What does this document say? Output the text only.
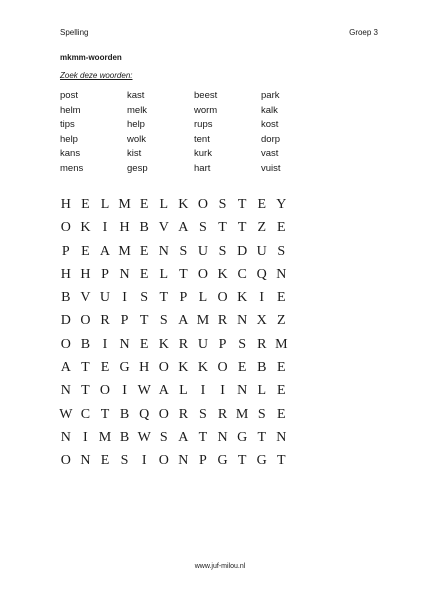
Spelling	Groep 3
mkmm-woorden
Zoek deze woorden:
post	kast	beest	park
helm	melk	worm	kalk
tips	help	rups	kost
help	wolk	tent	dorp
kans	kist	kurk	vast
mens	gesp	hart	vuist
H E L M E L K O S T E Y
O K I H B V A S T T Z E
P E A M E N S U S D U S
H H P N E L T O K C Q N
B V U I S T P L O K I E
D O R P T S A M R N X Z
O B I N E K R U P S R M
A T E G H O K K O E B E
N T O I W A L I	I N L E
W C T B Q O R S R M S E
N I M B W S A T N G T N
O N E S I O N P G T G T
www.juf-milou.nl
